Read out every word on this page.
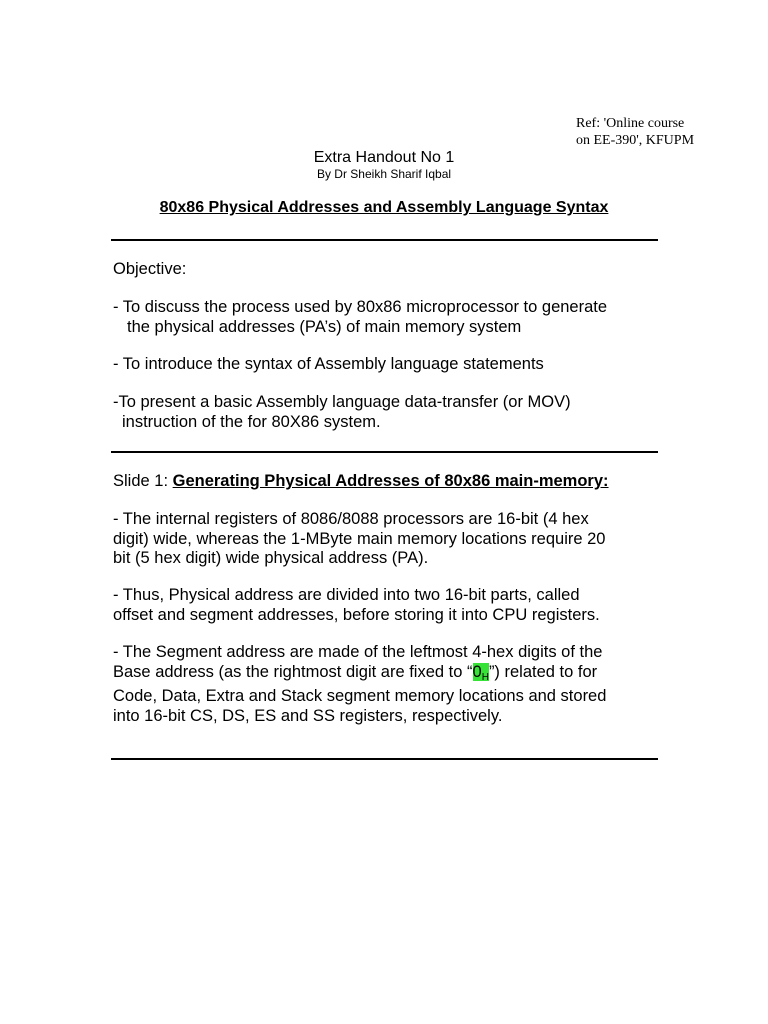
Ref: 'Online course
on EE-390', KFUPM
Extra Handout No 1
By Dr Sheikh Sharif Iqbal
80x86 Physical Addresses and Assembly Language Syntax
Objective:
- To discuss the process used by 80x86 microprocessor to generate
the physical addresses (PA’s) of main memory system
- To introduce the syntax of Assembly language statements
-To present a basic Assembly language data-transfer (or MOV)
instruction of the for 80X86 system.
Slide 1: Generating Physical Addresses of 80x86 main-memory:
- The internal registers of 8086/8088 processors are 16-bit (4 hex
digit) wide, whereas the 1-MByte main memory locations require 20
bit (5 hex digit) wide physical address (PA).
- Thus, Physical address are divided into two 16-bit parts, called
offset and segment addresses, before storing it into CPU registers.
- The Segment address are made of the leftmost 4-hex digits of the
Base address (as the rightmost digit are fixed to “$0_H$”) related to for
Code, Data, Extra and Stack segment memory locations and stored
into 16-bit CS, DS, ES and SS registers, respectively.
